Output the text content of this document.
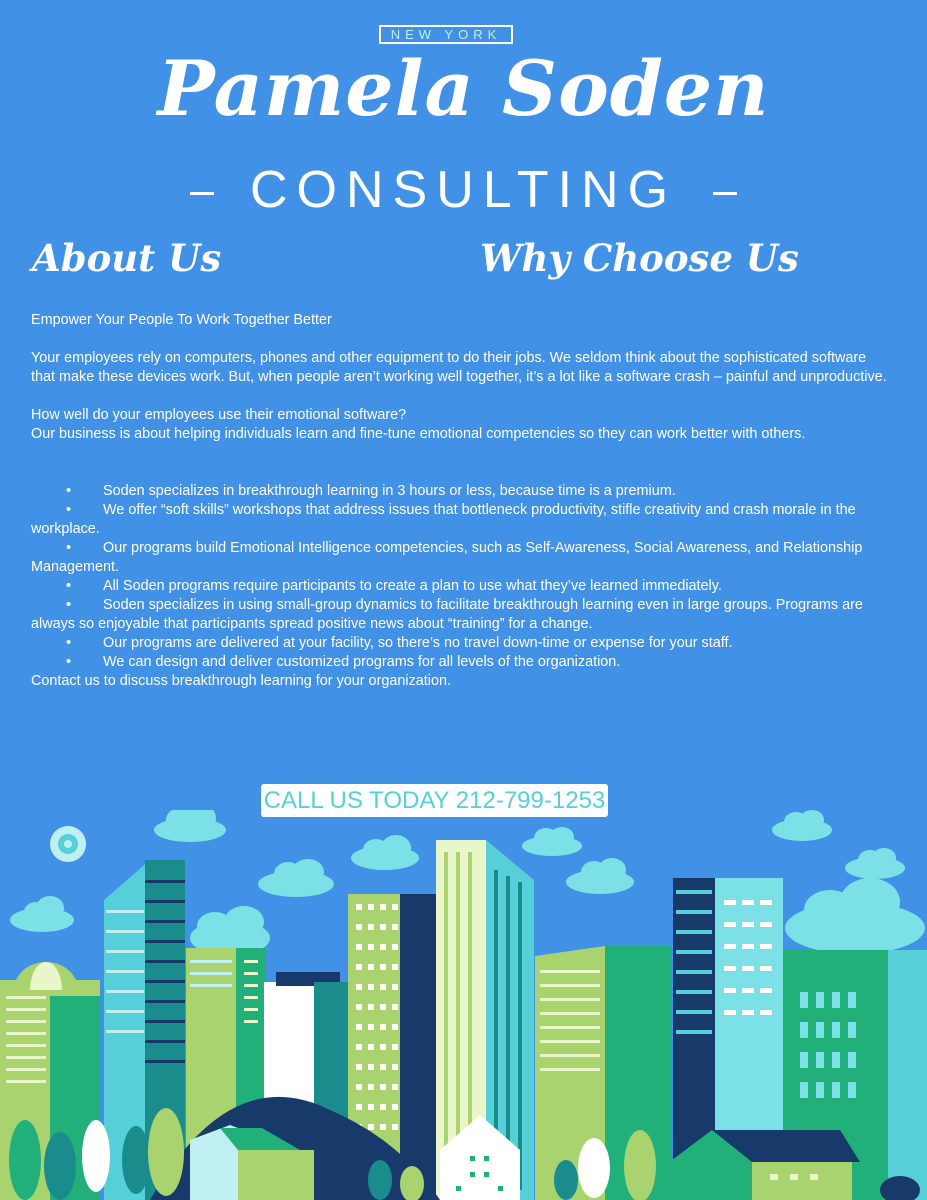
NEW YORK
Pamela Soden
CONSULTING
About Us	Why Choose Us

Empower Your People To Work Together Better

Your employees rely on computers, phones and other equipment to do their jobs. We seldom think about the sophisticated software that make these devices work. But, when people aren’t working well together, it’s a lot like a software crash – painful and unproductive.

How well do your employees use their emotional software?

Our business is about helping individuals learn and fine-tune emotional competencies so they can work better with others.

• Soden specializes in breakthrough learning in 3 hours or less, because time is a premium.

• We offer “soft skills” workshops that address issues that bottleneck productivity, stifle creativity and crash morale in the workplace.

• Our programs build Emotional Intelligence competencies, such as Self-Awareness, Social Awareness, and Relationship Management.

• All Soden programs require participants to create a plan to use what they’ve learned immediately.

• Soden specializes in using small-group dynamics to facilitate breakthrough learning even in large groups. Programs are always so enjoyable that participants spread positive news about “training” for a change.

• Our programs are delivered at your facility, so there’s no travel down-time or expense for your staff.

• We can design and deliver customized programs for all levels of the organization.

Contact us to discuss breakthrough learning for your organization.

CALL US TODAY 212-799-1253
